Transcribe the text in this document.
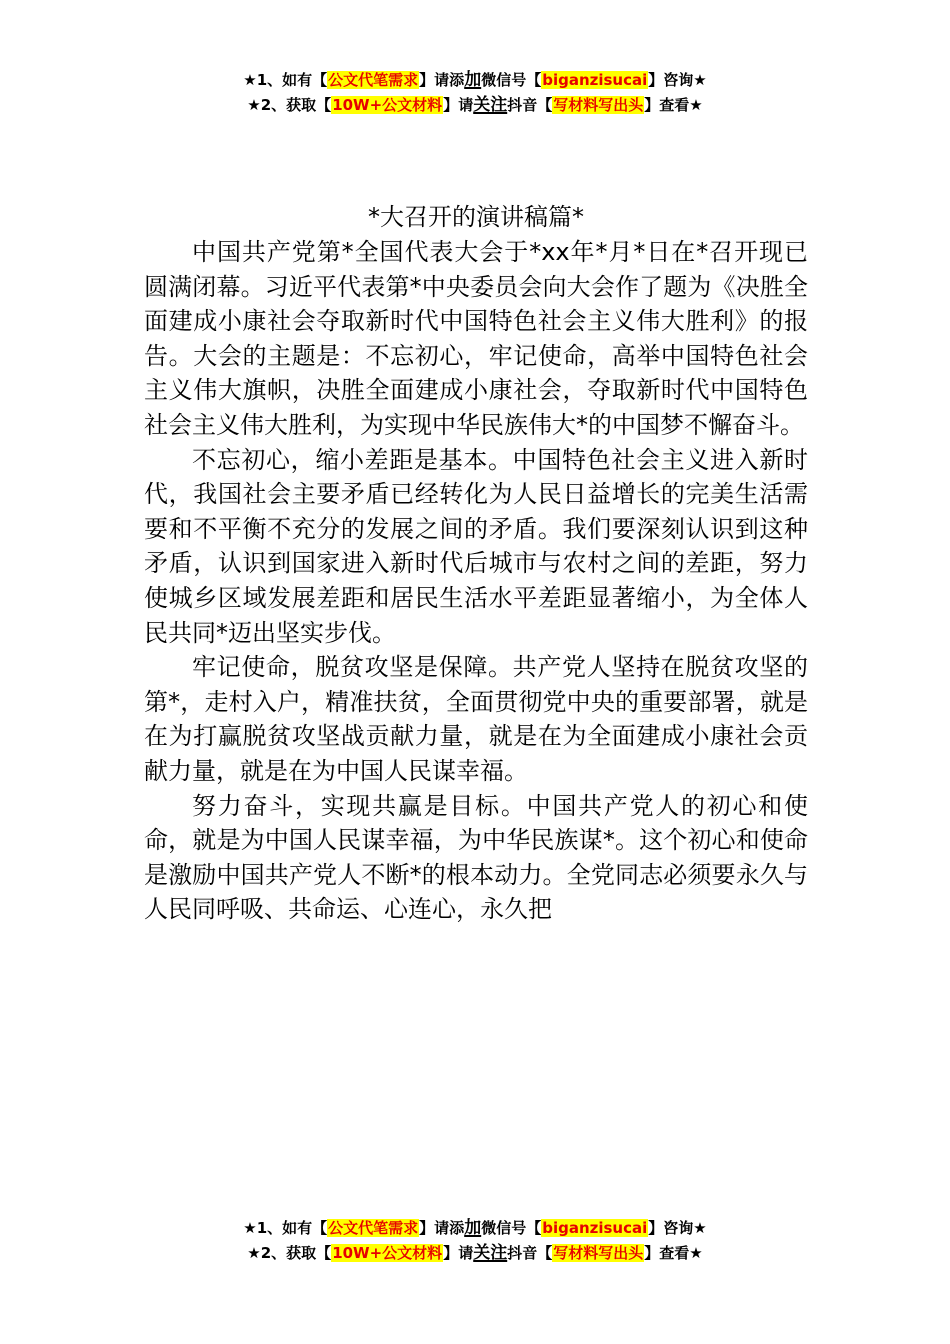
★1、如有【公文代笔需求】请添加微信号【biganzisucai】咨询★
★2、获取【10W+公文材料】请关注抖音【写材料写出头】查看★
*大召开的演讲稿篇*

中国共产党第*全国代表大会于*xx年*月*日在*召开现已圆满闭幕。习近平代表第*中央委员会向大会作了题为《决胜全面建成小康社会夺取新时代中国特色社会主义伟大胜利》的报告。大会的主题是：不忘初心，牢记使命，高举中国特色社会主义伟大旗帜，决胜全面建成小康社会，夺取新时代中国特色社会主义伟大胜利，为实现中华民族伟大*的中国梦不懈奋斗。

不忘初心，缩小差距是基本。中国特色社会主义进入新时代，我国社会主要矛盾已经转化为人民日益增长的完美生活需要和不平衡不充分的发展之间的矛盾。我们要深刻认识到这种矛盾，认识到国家进入新时代后城市与农村之间的差距，努力使城乡区域发展差距和居民生活水平差距显著缩小，为全体人民共同*迈出坚实步伐。

牢记使命，脱贫攻坚是保障。共产党人坚持在脱贫攻坚的第*，走村入户，精准扶贫，全面贯彻党中央的重要部署，就是在为打赢脱贫攻坚战贡献力量，就是在为全面建成小康社会贡献力量，就是在为中国人民谋幸福。

努力奋斗，实现共赢是目标。中国共产党人的初心和使命，就是为中国人民谋幸福，为中华民族谋*。这个初心和使命是激励中国共产党人不断*的根本动力。全党同志必须要永久与人民同呼吸、共命运、心连心，永久把

★1、如有【公文代笔需求】请添加微信号【biganzisucai】咨询★
★2、获取【10W+公文材料】请关注抖音【写材料写出头】查看★
